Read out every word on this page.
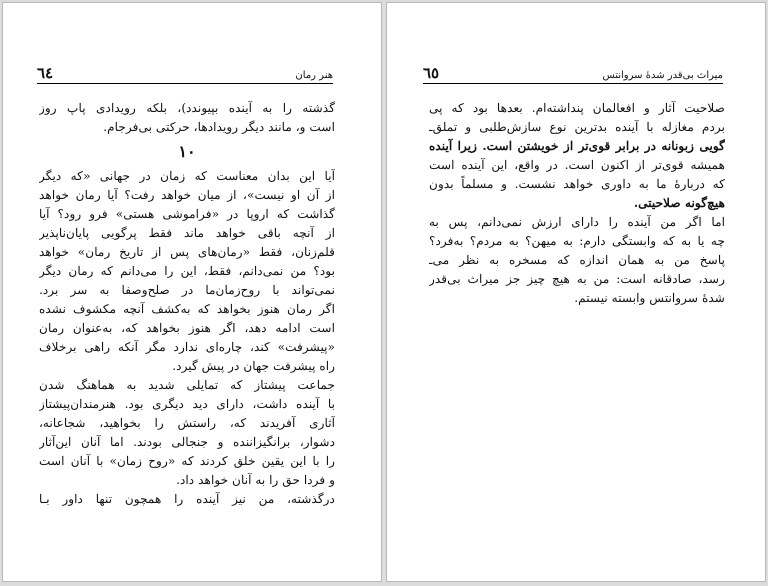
٦٤	هنر رمان
گذشته را به آینده بپیوندد)، بلکه رویدادی پاپ روز
است و، مانند دیگر رویدادها، حرکتی بی‌فرجام.
١٠
آیا این بدان معناست که زمان در جهانی «که دیگر
از آن او نیست»، از میان خواهد رفت؟ آیا رمان خواهد
گذاشت که اروپا در «فراموشی هستی» فرو رود؟ آیا
از آنچه باقی خواهد ماند فقط پرگویی پایان‌ناپذیر
قلم‌زنان، فقط «رمان‌های پس از تاریخ رمان» خواهد
بود؟ من نمی‌دانم، فقط، این را می‌دانم که رمان دیگر
نمی‌تواند با روح‌زمان‌ما در صلح‌وصفا به سر برد.
اگر رمان هنوز بخواهد که به‌کشف آنچه مکشوف نشده
است ادامه دهد، اگر هنوز بخواهد که، به‌عنوان رمان
«پیشرفت» کند، چاره‌ای ندارد مگر آنکه راهی برخلاف
راه پیشرفت جهان در پیش گیرد.
جماعت پیشتاز که تمایلی شدید به هماهنگ شدن
با آینده داشت، دارای دید دیگری بود. هنرمندان‌پیشتاز
آثاری آفریدند که، راستش را بخواهید، شجاعانه،
دشوار، برانگیزاننده و جنجالی بودند. اما آنان این‌آثار
را با این یقین خلق کردند که «روح زمان» با آنان است
و فردا حق را به آنان خواهد داد.
درگذشته، من نیز آینده را همچون تنها داور بـا
٦٥	میراث بی‌قدر شدهٔ سروانتس
صلاحیت آثار و افعالمان پنداشته‌ام. بعدها بود که پی
بردم مغازله با آینده بدترین نوع سازش‌طلبی و تملق‌ـ
گویی زبونانه در برابر قوی‌تر از خویشتن است. زیرا آینده
همیشه قوی‌تر از اکنون است. در واقع، این آینده است
که دربارهٔ ما به داوری خواهد نشست. و مسلماً بدون
هیچ‌گونه صلاحیتی.
اما اگر من آینده را دارای ارزش نمی‌دانم، پس به
چه یا به که وابستگی دارم: به میهن؟ به مردم؟ به‌فرد؟
پاسخ من به همان اندازه که مسخره به نظر می‌ـ
رسد، صادقانه است: من به هیچ چیز جز میراث بی‌قدر
شدهٔ سروانتس وابسته نیستم.
